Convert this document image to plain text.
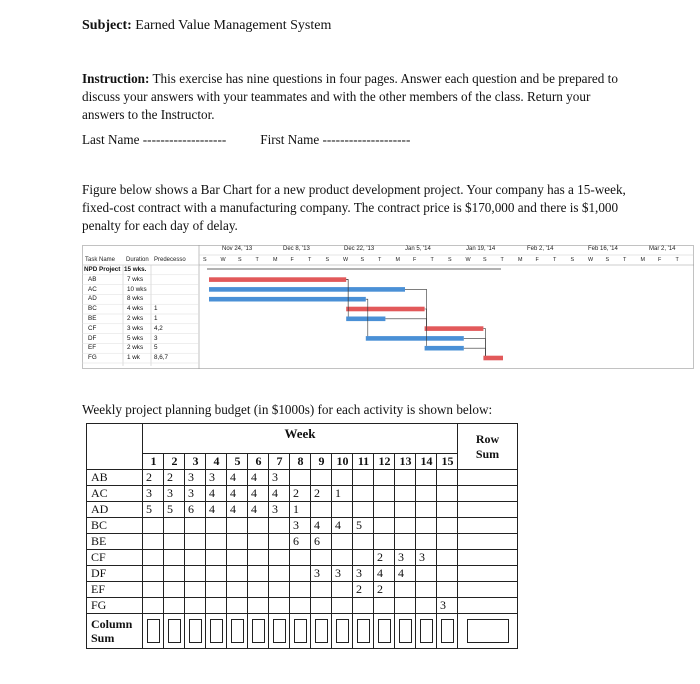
Subject: Earned Value Management System
Instruction: This exercise has nine questions in four pages. Answer each question and be prepared to discuss your answers with your teammates and with the other members of the class. Return your answers to the Instructor.
Last Name -------------------	First Name --------------------
Figure below shows a Bar Chart for a new product development project. Your company has a 15-week, fixed-cost contract with a manufacturing company. The contract price is $170,000 and there is $1,000 penalty for each day of delay.
Task Name Duration Predecesso
Nov 24, '13	Dec 8, '13	Dec 22, '13	Jan 5, '14	Jan 19, '14	Feb 2, '14	Feb 16, '14	Mar 2, '14
S	W S	T	M F	T	S	W S	T	M F	T	S	W S	T	M F	T	S	W S	T	M F	T
NPD Project 15 wks.
AB	7 wks
AC	10 wks
AD	8 wks
BC	4 wks 1
BE	2 wks 1
CF	3 wks 4,2
DF	5 wks 3
EF	2 wks 5
FG	1 wk 8,6,7
Weekly project planning budget (in $1000s) for each activity is shown below:
	Week															Row
Sum

	1	2	3	4	5	6	7	8	9	10	11	12	13	14	15	
AB	2	2	3	3	4	4	3									
AC	3	3	3	4	4	4	4	2	2	1						
AD	5	5	6	4	4	4	3	1								
BC								3	4	4	5					
BE								6	6							
CF												2	3	3		
DF									3	3	3	4	4			
EF											2	2				
FG															3	

Column
Sum																
